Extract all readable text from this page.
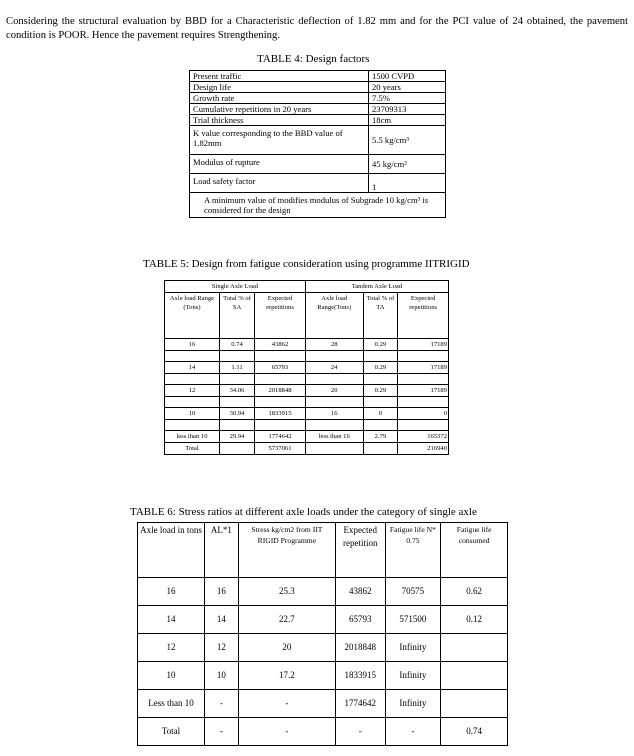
Considering the structural evaluation by BBD for a Characteristic deflection of 1.82 mm and for the PCI value of 24 obtained, the pavement condition is POOR. Hence the pavement requires Strengthening.

TABLE 4: Design factors
Present traffic	1500 CVPD
Design life	20 years
Growth rate	7.5%
Cumulative repetitions in 20 years	23709313
Trial thickness	18cm
K value corresponding to the BBD value of 1.82mm	5.5 kg/cm³
Modulus of rupture	45 kg/cm²
Load safety factor	1
A minimum value of modifies modulus of Subgrade 10 kg/cm³ is considered for the design	
TABLE 5: Design from fatigue consideration using programme IITRIGID
Single Axle Load			Tandem Axle Load		
Axle load Range (Tons)	Total % of SA	Expected repetitions	Axle load Range(Tons)	Total % of TA	Expected repetitions
16	0.74	43862	28	0.29	17189

14	1.11	65793	24	0.29	17189

12	34.06	2018848	20	0.29	17189

10	30.94	1833915	16	0	0

less than 10	29.94	1774642	less than 16	2.79	165372
Total		5737061			216940
TABLE 6: Stress ratios at different axle loads under the category of single axle
Axle load in tons	AL*1	Stress kg/cm2 from IIT RIGID Programme	Expected repetition	Fatigue life N* 0.75	Fatigue life consumed
16	16	25.3	43862	70575	0.62
14	14	22.7	65793	571500	0.12
12	12	20	2018848	Infinity	
10	10	17.2	1833915	Infinity	
Less than 10	-	-	1774642	Infinity	
Total	-	-	-	-	0.74
